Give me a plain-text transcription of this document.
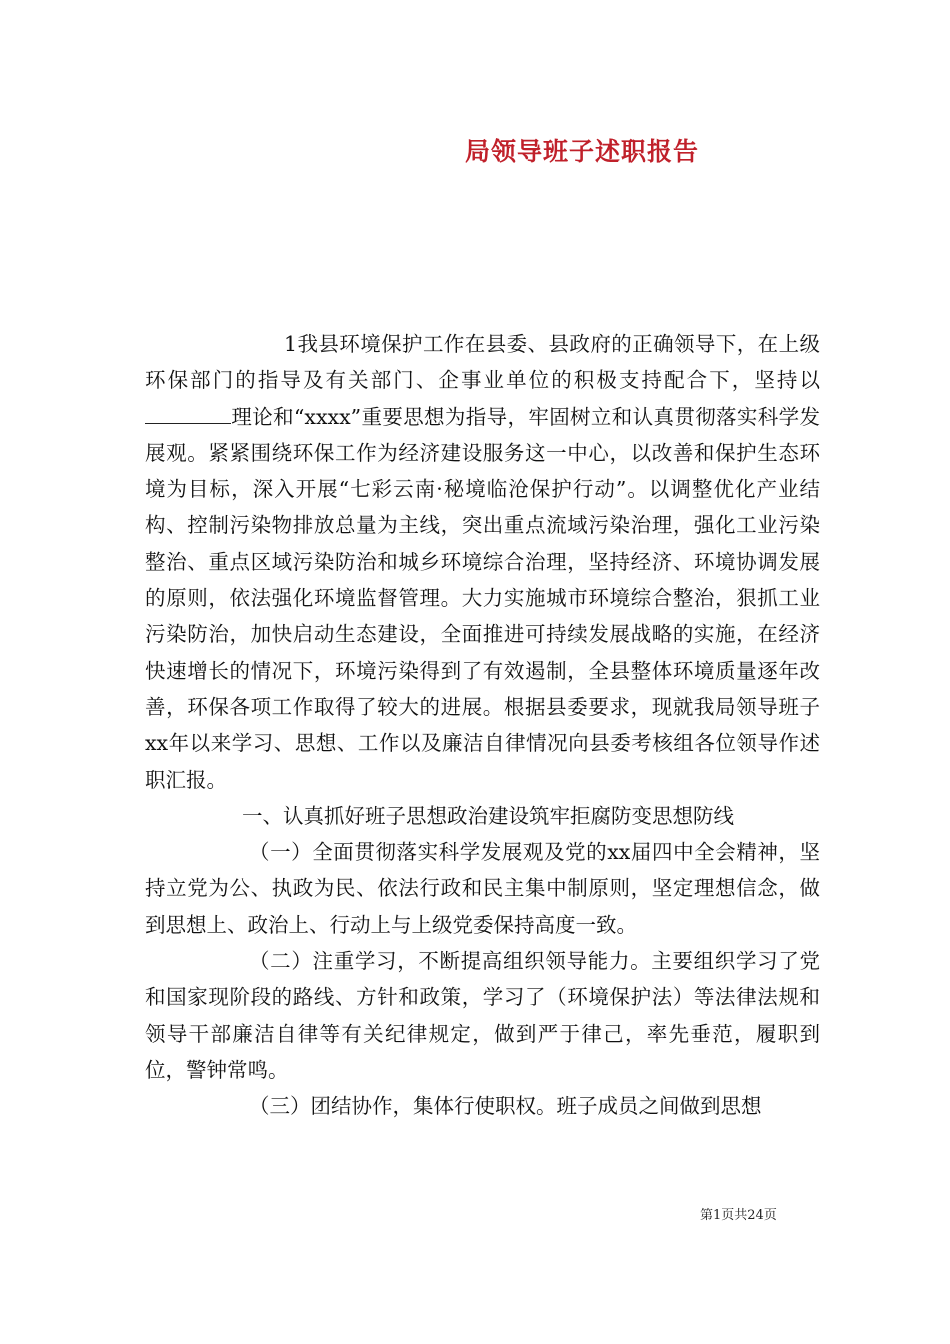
局领导班子述职报告

1我县环境保护工作在县委、县政府的正确领导下，在上级环保部门的指导及有关部门、企事业单位的积极支持配合下，坚持以理论和“xxxx”重要思想为指导，牢固树立和认真贯彻落实科学发展观。紧紧围绕环保工作为经济建设服务这一中心，以改善和保护生态环境为目标，深入开展“七彩云南·秘境临沧保护行动”。以调整优化产业结构、控制污染物排放总量为主线，突出重点流域污染治理，强化工业污染整治、重点区域污染防治和城乡环境综合治理，坚持经济、环境协调发展的原则，依法强化环境监督管理。大力实施城市环境综合整治，狠抓工业污染防治，加快启动生态建设，全面推进可持续发展战略的实施，在经济快速增长的情况下，环境污染得到了有效遏制，全县整体环境质量逐年改善，环保各项工作取得了较大的进展。根据县委要求，现就我局领导班子xx年以来学习、思想、工作以及廉洁自律情况向县委考核组各位领导作述职汇报。

一、认真抓好班子思想政治建设筑牢拒腐防变思想防线

（一）全面贯彻落实科学发展观及党的xx届四中全会精神，坚持立党为公、执政为民、依法行政和民主集中制原则，坚定理想信念，做到思想上、政治上、行动上与上级党委保持高度一致。

（二）注重学习，不断提高组织领导能力。主要组织学习了党和国家现阶段的路线、方针和政策，学习了（环境保护法）等法律法规和领导干部廉洁自律等有关纪律规定，做到严于律己，率先垂范，履职到位，警钟常鸣。

（三）团结协作，集体行使职权。班子成员之间做到思想

第1页共24页
